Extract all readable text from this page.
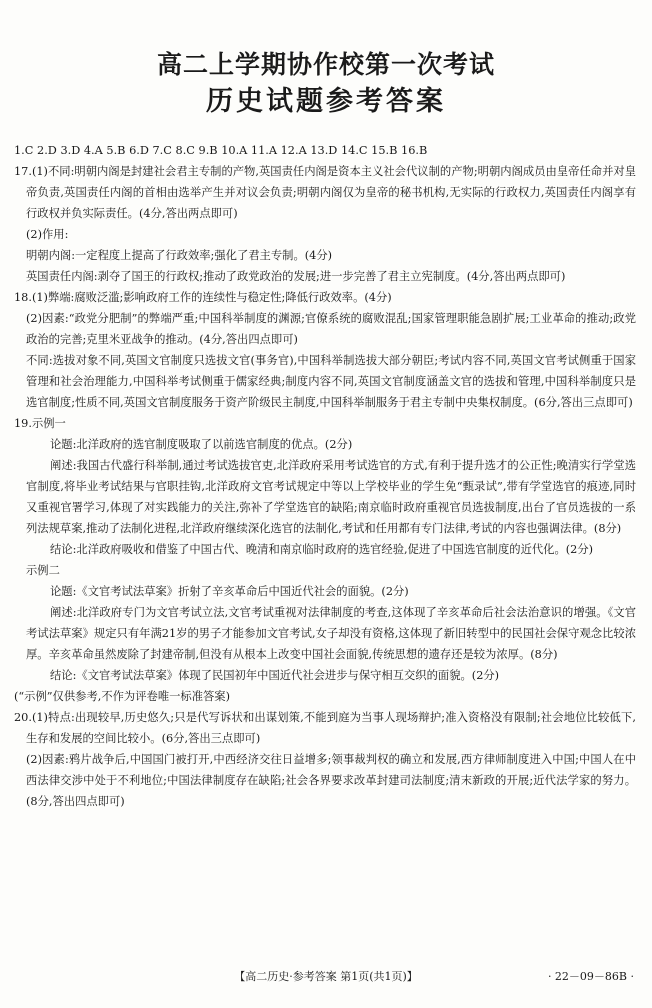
高二上学期协作校第一次考试
历史试题参考答案

1.C 2.D 3.D 4.A 5.B 6.D 7.C 8.C 9.B 10.A 11.A 12.A 13.D 14.C 15.B 16.B

17.(1)不同:明朝内阁是封建社会君主专制的产物,英国责任内阁是资本主义社会代议制的产物;明朝内阁成员由皇帝任命并对皇帝负责,英国责任内阁的首相由选举产生并对议会负责;明朝内阁仅为皇帝的秘书机构,无实际的行政权力,英国责任内阁享有行政权并负实际责任。(4分,答出两点即可)

(2)作用:

明朝内阁:一定程度上提高了行政效率;强化了君主专制。(4分)

英国责任内阁:剥夺了国王的行政权;推动了政党政治的发展;进一步完善了君主立宪制度。(4分,答出两点即可)

18.(1)弊端:腐败泛滥;影响政府工作的连续性与稳定性;降低行政效率。(4分)

(2)因素:“政党分肥制”的弊端严重;中国科举制度的渊源;官僚系统的腐败混乱;国家管理职能急剧扩展;工业革命的推动;政党政治的完善;克里米亚战争的推动。(4分,答出四点即可)

不同:选拔对象不同,英国文官制度只选拔文官(事务官),中国科举制选拔大部分朝臣;考试内容不同,英国文官考试侧重于国家管理和社会治理能力,中国科举考试侧重于儒家经典;制度内容不同,英国文官制度涵盖文官的选拔和管理,中国科举制度只是选官制度;性质不同,英国文官制度服务于资产阶级民主制度,中国科举制服务于君主专制中央集权制度。(6分,答出三点即可)

19.示例一

论题:北洋政府的选官制度吸取了以前选官制度的优点。(2分)

阐述:我国古代盛行科举制,通过考试选拔官吏,北洋政府采用考试选官的方式,有利于提升选才的公正性;晚清实行学堂选官制度,将毕业考试结果与官职挂钩,北洋政府文官考试规定中等以上学校毕业的学生免“甄录试”,带有学堂选官的痕迹,同时又重视官署学习,体现了对实践能力的关注,弥补了学堂选官的缺陷;南京临时政府重视官员选拔制度,出台了官员选拔的一系列法规草案,推动了法制化进程,北洋政府继续深化选官的法制化,考试和任用都有专门法律,考试的内容也强调法律。(8分)

结论:北洋政府吸收和借鉴了中国古代、晚清和南京临时政府的选官经验,促进了中国选官制度的近代化。(2分)

示例二

论题:《文官考试法草案》折射了辛亥革命后中国近代社会的面貌。(2分)

阐述:北洋政府专门为文官考试立法,文官考试重视对法律制度的考查,这体现了辛亥革命后社会法治意识的增强。《文官考试法草案》规定只有年满21岁的男子才能参加文官考试,女子却没有资格,这体现了新旧转型中的民国社会保守观念比较浓厚。辛亥革命虽然废除了封建帝制,但没有从根本上改变中国社会面貌,传统思想的遗存还是较为浓厚。(8分)

结论:《文官考试法草案》体现了民国初年中国近代社会进步与保守相互交织的面貌。(2分)

(“示例”仅供参考,不作为评卷唯一标准答案)

20.(1)特点:出现较早,历史悠久;只是代写诉状和出谋划策,不能到庭为当事人现场辩护;准入资格没有限制;社会地位比较低下,生存和发展的空间比较小。(6分,答出三点即可)

(2)因素:鸦片战争后,中国国门被打开,中西经济交往日益增多;领事裁判权的确立和发展,西方律师制度进入中国;中国人在中西法律交涉中处于不利地位;中国法律制度存在缺陷;社会各界要求改革封建司法制度;清末新政的开展;近代法学家的努力。(8分,答出四点即可)

【高二历史·参考答案 第1页(共1页)】	· 22－09－86B ·
